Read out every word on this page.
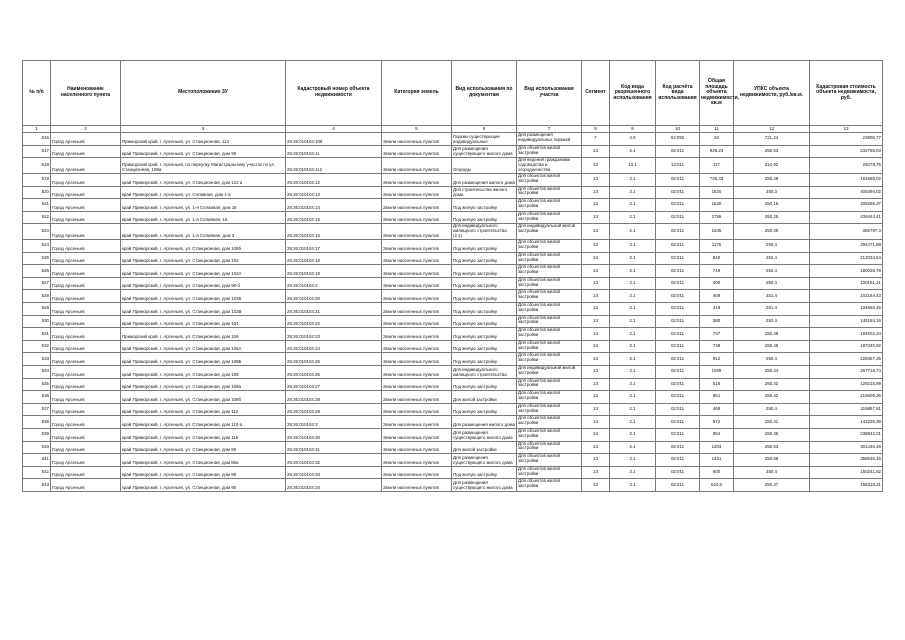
№ п/п	Наименование населенного пункта	Местоположение ЗУ	Кадастровый номер объекта недвижимости	Категория земель	Вид использования по документам	Вид использования участка	Сегмент	Код вида разрешенного использования	Код расчёта вида использования	Общая площадь объекта недвижимости, кв.м	УПКС объекта недвижимости, руб./кв.м.	Кадастровая стоимость объекта недвижимости, руб.
1	2	3	4	5	6	7	8	9	10	11	12	13
516	Город Арсеньев	Приморский край, г. Арсеньев, ул. Станционная, 114	25:26:010104:108	Земли населенных пунктов	Гаражи существующие индивидуальные	Для размещения индивидуальных гаражей	7	4.9	04:092	33	721,24	23800,77
517	Город Арсеньев	край Приморский, г. Арсеньев, ул. Станционная, дом 98	25:26:010104:11	Земли населенных пунктов	Для размещения существующего жилого дома	Для объектов жилой застройки	13	2.1	02:011	928,23	250,53	232755,03
518	Город Арсеньев	Приморский край, г. Арсеньев, по переулку Магистральному участок по ул. Станционная, 108а	25:26:010104:112	Земли населенных пунктов	Огороды	Для ведения гражданами садоводства и огородничества	13	13.1	13:011	117	210,92	25078,75
519	Город Арсеньев	край Приморский, г. Арсеньев, ул. Станционная, дом 122 а	25:26:010104:12	Земли населенных пунктов	Для размещения жилого дома	Для объектов жилой застройки	13	2.1	02:011	725,33	250,49	181688,02
520	Город Арсеньев	край Приморский, г. Арсеньев, ул. Сплавная, дом 1-а	25:26:010104:13	Земли населенных пунктов	Для строительства жилого дома	Для объектов жилой застройки	13	2.1	02:011	1620	250,3	405494,02
521	Город Арсеньев	край Приморский, г. Арсеньев, ул. 1-я Сплавная, дом 1в	25:26:010104:14	Земли населенных пунктов	Под жилую застройку	Для объектов жилой застройки	13	2.1	02:011	1620	250,16	405266,37
522	Город Арсеньев	край Приморский, г. Арсеньев, ул. 1-я Сплавная, 16	25:26:010104:15	Земли населенных пунктов	Под жилую застройку	Для объектов жилой застройки	13	2.1	02:011	1756	250,25	439444,41
523	Город Арсеньев	край Приморский, г. Арсеньев, ул. 1-я Сплавная, дом 3	25:26:010104:16	Земли населенных пунктов	Для индивидуального жилищного строительства (2.1)	Для индивидуальной жилой застройки	13	2.1	02:011	1545	250,35	386787,3
524	Город Арсеньев	край Приморский, г. Арсеньев, ул. Станционная, дом 108б	25:26:010104:17	Земли населенных пунктов	Под жилую застройку	Для объектов жилой застройки	13	2.1	02:011	1176	250,4	294471,88
525	Город Арсеньев	край Приморский, г. Арсеньев, ул. Станционная, дом 102	25:26:010104:18	Земли населенных пунктов	Под жилую застройку	Для объектов жилой застройки	13	2.1	02:011	840	252,4	212034,54
526	Город Арсеньев	край Приморский, г. Арсеньев, ул. Станционная, дом 102А	25:26:010104:19	Земли населенных пунктов	Под жилую застройку	Для объектов жилой застройки	13	2.1	02:011	719	252,4	180028,78
527	Город Арсеньев	край Приморский, г. Арсеньев, ул. Станционная, дом 90-б	25:26:010104:2	Земли населенных пунктов	Под жилую застройку	Для объектов жилой застройки	13	2.1	02:011	400	250,4	100161,21
528	Город Арсеньев	край Приморский, г. Арсеньев, ул. Станционная, дом 102Б	25:26:010104:20	Земли населенных пунктов	Под жилую застройку	Для объектов жилой застройки	13	2.1	02:011	408	251,4	102164,43
529	Город Арсеньев	край Приморский, г. Арсеньев, ул. Станционная, дом 102В	25:26:010104:21	Земли населенных пунктов	Под жилую застройку	Для объектов жилой застройки	13	2.1	02:011	418	251,4	104666,46
530	Город Арсеньев	край Приморский, г. Арсеньев, ул. Станционная, дом 104	25:26:010104:22	Земли населенных пунктов	Под жилую застройку	Для объектов жилой застройки	13	2.1	02:011	580	252,4	145184,16
531	Город Арсеньев	Приморский край, г. Арсеньев, ул. Станционная, дом 106	25:26:010104:23	Земли населенных пунктов	Под жилую застройку	Для объектов жилой застройки	13	2.1	02:011	737	250,48	184602,34
532	Город Арсеньев	край Приморский, г. Арсеньев, ул. Станционная, дом 106А	25:26:010104:24	Земли населенных пунктов	Под жилую застройку	Для объектов жилой застройки	13	2.1	02:011	748	250,49	187340,92
533	Город Арсеньев	край Приморский, г. Арсеньев, ул. Станционная, дом 108Б	25:26:010104:25	Земли населенных пунктов	Под жилую застройку	Для объектов жилой застройки	13	2.1	02:011	912	250,4	228357,35
534	Город Арсеньев	край Приморский, г. Арсеньев, ул. Станционная, дом 108	25:26:010104:26	Земли населенных пунктов	Для индивидуального жилищного строительства	Для индивидуальной жилой застройки	13	2.1	02:011	1069	250,44	267718,74
535	Город Арсеньев	край Приморский, г. Арсеньев, ул. Станционная, дом 108а	25:26:010104:27	Земли населенных пунктов	Под жилую застройку	Для объектов жилой застройки	13	2.1	02:011	516	250,42	129215,89
536	Город Арсеньев	край Приморский, г. Арсеньев, ул. Станционная, дом 108б	25:26:010104:28	Земли населенных пунктов	Для жилой застройки	Для объектов жилой застройки	13	2.1	02:011	861	250,42	215609,36
537	Город Арсеньев	край Приморский, г. Арсеньев, ул. Станционная, дом 112	25:26:010104:29	Земли населенных пунктов	Под жилую застройку	Для объектов жилой застройки	13	2.1	02:011	468	250,4	116857,81
538	Город Арсеньев	край Приморский, г. Арсеньев, ул. Станционная, дом 110-а	25:26:010104:3	Земли населенных пунктов	Для размещения жилого дома	Для объектов жилой застройки	13	2.1	02:011	572	250,41	142235,38
539	Город Арсеньев	край Приморский, г. Арсеньев, ул. Станционная, дом 116	25:26:010104:30	Земли населенных пунктов	Для размещения существующего жилого дома	Для объектов жилой застройки	13	2.1	02:011	954	250,36	238842,01
540	Город Арсеньев	край Приморский, г. Арсеньев, ул. Станционная, дом 86	25:26:010104:31	Земли населенных пунктов	Для жилой застройки	Для объектов жилой застройки	13	2.1	02:011	1203	250,53	301446,46
541	Город Арсеньев	край Приморский, г. Арсеньев, ул. Станционная, дом 86а	25:26:010104:32	Земли населенных пунктов	Для размещения существующего жилого дома	Для объектов жилой застройки	13	2.1	02:011	1431	250,58	358535,46
542	Город Арсеньев	край Приморский, г. Арсеньев, ул. Станционная, дом 88	25:26:010104:33	Земли населенных пунктов	Под жилую застройку	Для объектов жилой застройки	13	2.1	02:011	600	250,4	150241,82
543	Город Арсеньев	край Приморский, г. Арсеньев, ул. Станционная, дом 90	25:26:010104:34	Земли населенных пунктов	Для размещения существующего жилого дома	Для объектов жилой застройки	13	2.1	02:011	624,5	250,37	156318,21
